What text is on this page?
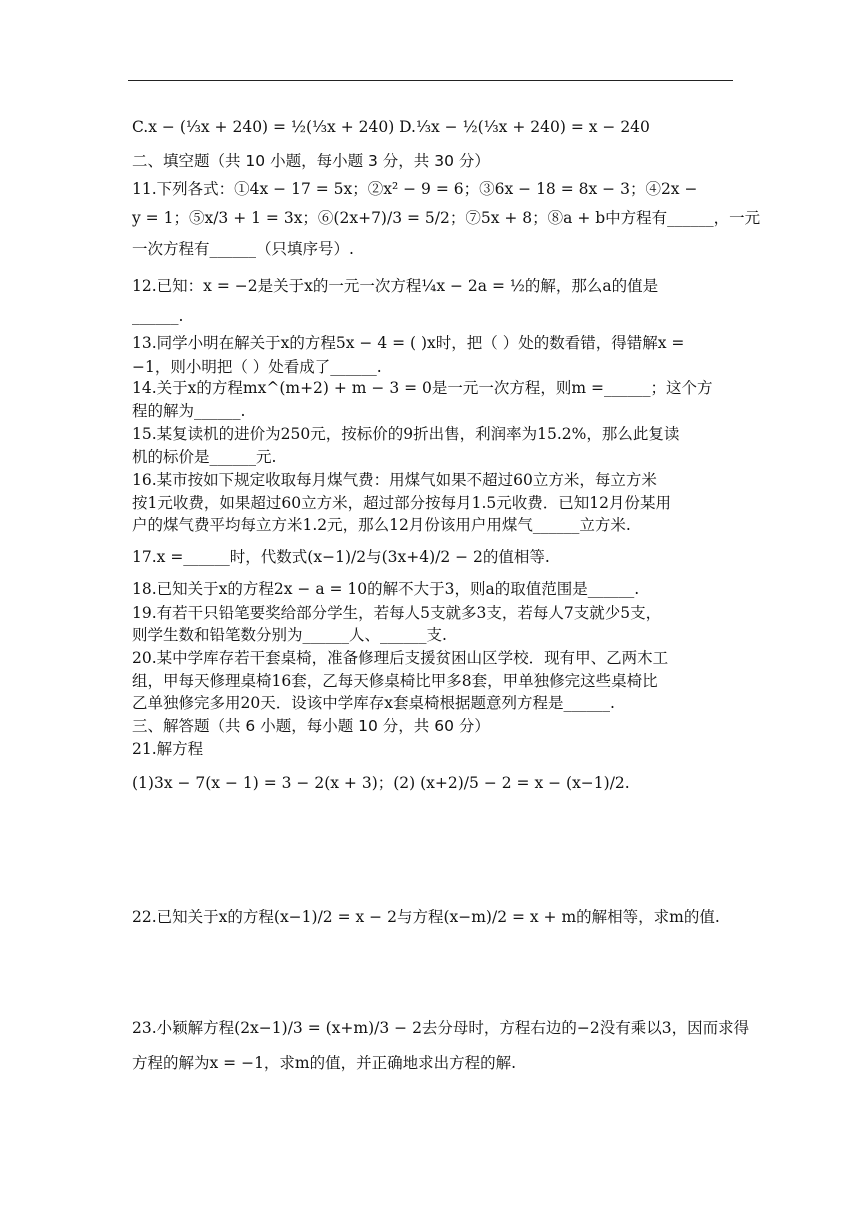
C.x − (⅓x + 240) = ½(⅓x + 240) D.⅓x − ½(⅓x + 240) = x − 240
二、填空题（共 10 小题，每小题 3 分，共 30 分）
11.下列各式：①4x − 17 = 5x；②x² − 9 = 6；③6x − 18 = 8x − 3；④2x −
y = 1；⑤x/3 + 1 = 3x；⑥(2x+7)/3 = 5/2；⑦5x + 8；⑧a + b中方程有______，一元
一次方程有______（只填序号）.
12.已知：x = −2是关于x的一元一次方程¼x − 2a = ½的解，那么a的值是
______.
13.同学小明在解关于x的方程5x − 4 = ( )x时，把（ ）处的数看错，得错解x =
−1，则小明把（ ）处看成了______.
14.关于x的方程mx^(m+2) + m − 3 = 0是一元一次方程，则m =______；这个方
程的解为______.
15.某复读机的进价为250元，按标价的9折出售，利润率为15.2%，那么此复读
机的标价是______元.
16.某市按如下规定收取每月煤气费：用煤气如果不超过60立方米，每立方米
按1元收费，如果超过60立方米，超过部分按每月1.5元收费．已知12月份某用
户的煤气费平均每立方米1.2元，那么12月份该用户用煤气______立方米.
17.x =______时，代数式(x−1)/2与(3x+4)/2 − 2的值相等.
18.已知关于x的方程2x − a = 10的解不大于3，则a的取值范围是______.
19.有若干只铅笔要奖给部分学生，若每人5支就多3支，若每人7支就少5支，
则学生数和铅笔数分别为______人、______支.
20.某中学库存若干套桌椅，准备修理后支援贫困山区学校．现有甲、乙两木工
组，甲每天修理桌椅16套，乙每天修桌椅比甲多8套，甲单独修完这些桌椅比
乙单独修完多用20天．设该中学库存x套桌椅根据题意列方程是______.
三、解答题（共 6 小题，每小题 10 分，共 60 分）
21.解方程
(1)3x − 7(x − 1) = 3 − 2(x + 3)；(2) (x+2)/5 − 2 = x − (x−1)/2.
22.已知关于x的方程(x−1)/2 = x − 2与方程(x−m)/2 = x + m的解相等，求m的值.
23.小颖解方程(2x−1)/3 = (x+m)/3 − 2去分母时，方程右边的−2没有乘以3，因而求得
方程的解为x = −1，求m的值，并正确地求出方程的解.
